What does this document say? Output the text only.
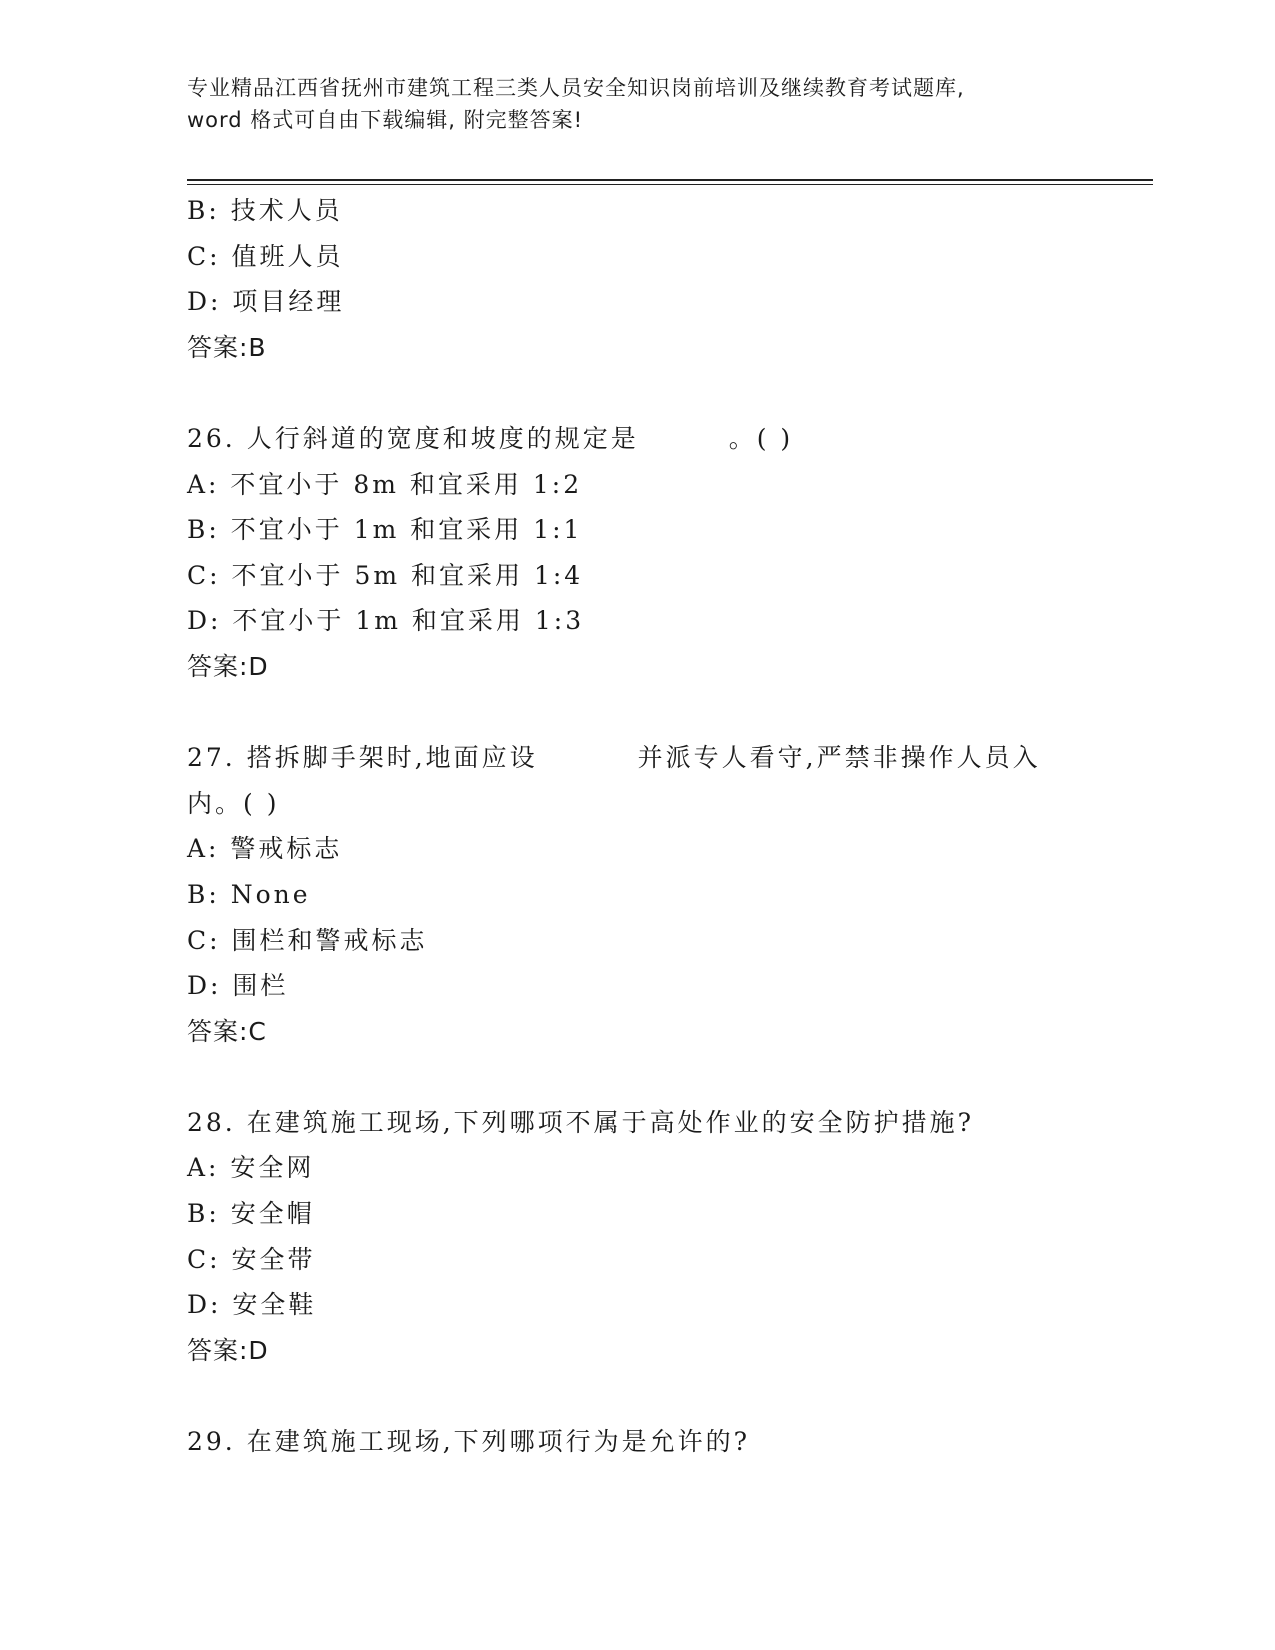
专业精品江西省抚州市建筑工程三类人员安全知识岗前培训及继续教育考试题库,
word 格式可自由下载编辑, 附完整答案!
B: 技术人员
C: 值班人员
D: 项目经理
答案:B
26. 人行斜道的宽度和坡度的规定是	。( )
A: 不宜小于 8m 和宜采用 1:2
B: 不宜小于 1m 和宜采用 1:1
C: 不宜小于 5m 和宜采用 1:4
D: 不宜小于 1m 和宜采用 1:3
答案:D
27. 搭拆脚手架时,地面应设	并派专人看守,严禁非操作人员入
内。( )
A: 警戒标志
B: None
C: 围栏和警戒标志
D: 围栏
答案:C
28. 在建筑施工现场,下列哪项不属于高处作业的安全防护措施?
A: 安全网
B: 安全帽
C: 安全带
D: 安全鞋
答案:D
29. 在建筑施工现场,下列哪项行为是允许的?
